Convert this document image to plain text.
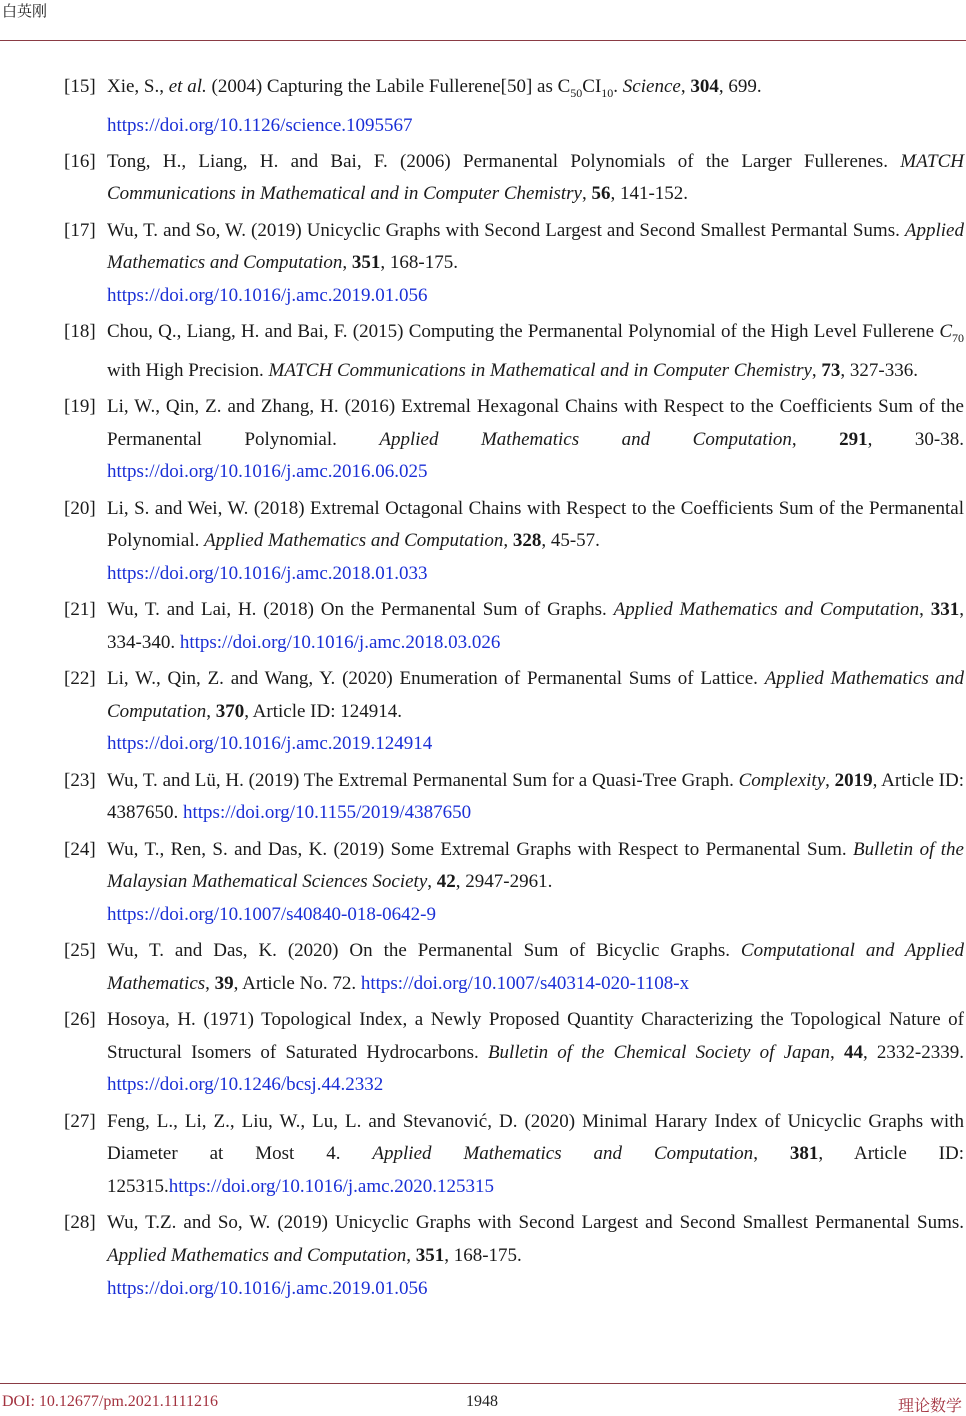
白英刚
[15] Xie, S., et al. (2004) Capturing the Labile Fullerene[50] as $C_{50}CI_{10}$. Science, 304, 699.
https://doi.org/10.1126/science.1095567
[16] Tong, H., Liang, H. and Bai, F. (2006) Permanental Polynomials of the Larger Fullerenes. MATCH Communications in Mathematical and in Computer Chemistry, 56, 141-152.
[17] Wu, T. and So, W. (2019) Unicyclic Graphs with Second Largest and Second Smallest Permantal Sums. Applied Mathematics and Computation, 351, 168-175.
https://doi.org/10.1016/j.amc.2019.01.056
[18] Chou, Q., Liang, H. and Bai, F. (2015) Computing the Permanental Polynomial of the High Level Fullerene $C_{70}$ with High Precision. MATCH Communications in Mathematical and in Computer Chemistry, 73, 327-336.
[19] Li, W., Qin, Z. and Zhang, H. (2016) Extremal Hexagonal Chains with Respect to the Coefficients Sum of the Permanental Polynomial. Applied Mathematics and Computation, 291, 30-38. https://doi.org/10.1016/j.amc.2016.06.025
[20] Li, S. and Wei, W. (2018) Extremal Octagonal Chains with Respect to the Coefficients Sum of the Permanental Polynomial. Applied Mathematics and Computation, 328, 45-57.
https://doi.org/10.1016/j.amc.2018.01.033
[21] Wu, T. and Lai, H. (2018) On the Permanental Sum of Graphs. Applied Mathematics and Computation, 331, 334-340. https://doi.org/10.1016/j.amc.2018.03.026
[22] Li, W., Qin, Z. and Wang, Y. (2020) Enumeration of Permanental Sums of Lattice. Applied Mathematics and Computation, 370, Article ID: 124914.
https://doi.org/10.1016/j.amc.2019.124914
[23] Wu, T. and Lü, H. (2019) The Extremal Permanental Sum for a Quasi-Tree Graph. Complexity, 2019, Article ID: 4387650. https://doi.org/10.1155/2019/4387650
[24] Wu, T., Ren, S. and Das, K. (2019) Some Extremal Graphs with Respect to Permanental Sum. Bulletin of the Malaysian Mathematical Sciences Society, 42, 2947-2961.
https://doi.org/10.1007/s40840-018-0642-9
[25] Wu, T. and Das, K. (2020) On the Permanental Sum of Bicyclic Graphs. Computational and Applied Mathematics, 39, Article No. 72. https://doi.org/10.1007/s40314-020-1108-x
[26] Hosoya, H. (1971) Topological Index, a Newly Proposed Quantity Characterizing the Topological Nature of Structural Isomers of Saturated Hydrocarbons. Bulletin of the Chemical Society of Japan, 44, 2332-2339. https://doi.org/10.1246/bcsj.44.2332
[27] Feng, L., Li, Z., Liu, W., Lu, L. and Stevanović, D. (2020) Minimal Harary Index of Unicyclic Graphs with Diameter at Most 4. Applied Mathematics and Computation, 381, Article ID: 125315.https://doi.org/10.1016/j.amc.2020.125315
[28] Wu, T.Z. and So, W. (2019) Unicyclic Graphs with Second Largest and Second Smallest Permanental Sums. Applied Mathematics and Computation, 351, 168-175.
https://doi.org/10.1016/j.amc.2019.01.056
DOI: 10.12677/pm.2021.1111216	1948	理论数学
